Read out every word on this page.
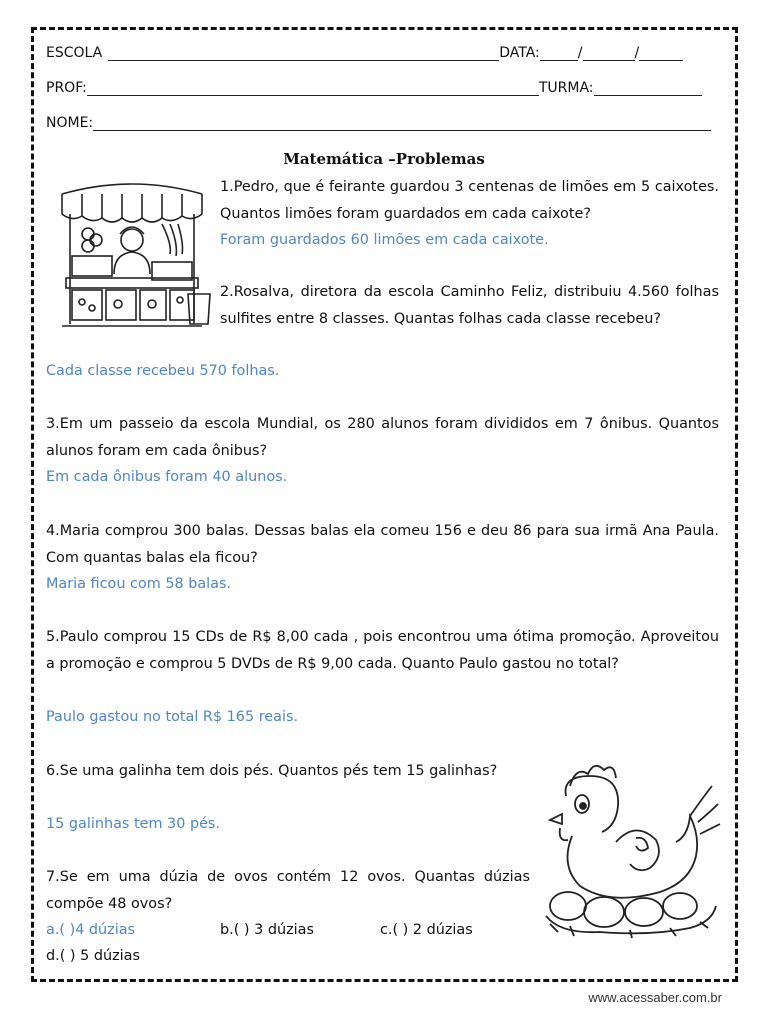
ESCOLA	DATA:	/	/
PROF:	TURMA:
NOME:
Matemática –Problemas
1.Pedro, que é feirante guardou 3 centenas de limões em 5 caixotes. Quantos limões foram guardados em cada caixote?
Foram guardados 60 limões em cada caixote.
2.Rosalva, diretora da escola Caminho Feliz, distribuiu 4.560 folhas sulfites entre 8 classes. Quantas folhas cada classe recebeu?
Cada classe recebeu 570 folhas.
3.Em um passeio da escola Mundial, os 280 alunos foram divididos em 7 ônibus. Quantos alunos foram em cada ônibus?
Em cada ônibus foram 40 alunos.
4.Maria comprou 300 balas. Dessas balas ela comeu 156 e deu 86 para sua irmã Ana Paula. Com quantas balas ela ficou?
Maria ficou com 58 balas.
5.Paulo comprou 15 CDs de R$ 8,00 cada , pois encontrou uma ótima promoção. Aproveitou a promoção e comprou 5 DVDs de R$ 9,00 cada. Quanto Paulo gastou no total?
Paulo gastou no total R$ 165 reais.
6.Se uma galinha tem dois pés. Quantos pés tem 15 galinhas?
15 galinhas tem 30 pés.
7.Se em uma dúzia de ovos contém 12 ovos. Quantas dúzias compõe 48 ovos?
a.( )4 dúzias	b.( ) 3 dúzias	c.( ) 2 dúzias
d.( ) 5 dúzias
www.acessaber.com.br
